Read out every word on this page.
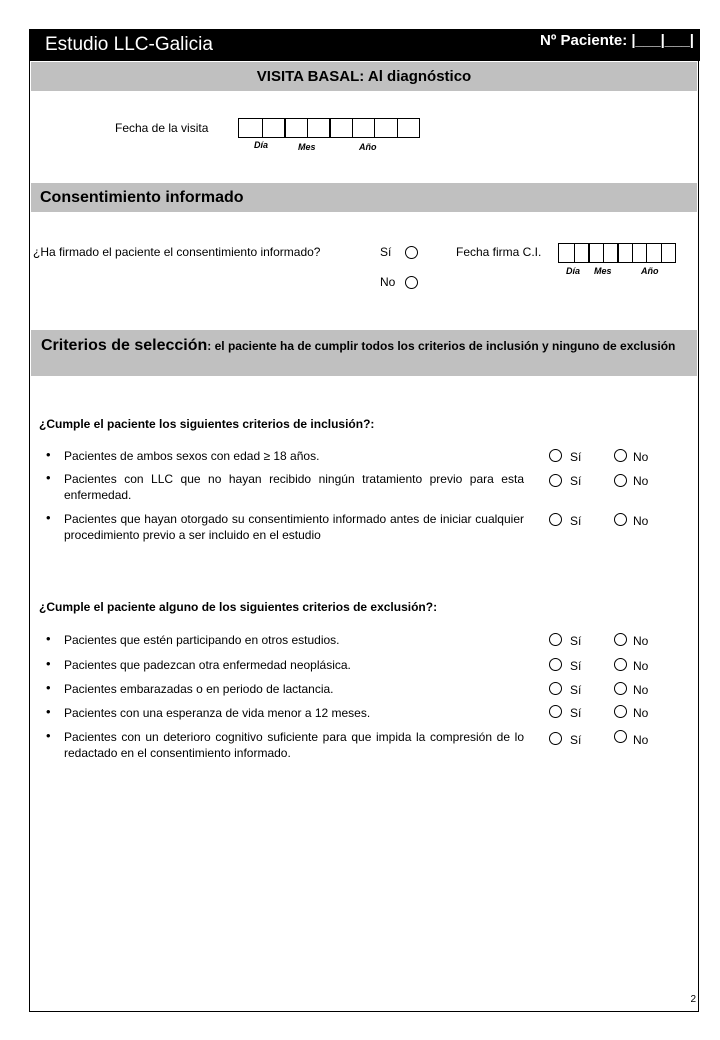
Estudio LLC-Galicia	Nº Paciente: |___|___|
VISITA BASAL: Al diagnóstico
Fecha de la visita
Día	Mes	Año
Consentimiento informado
¿Ha firmado el paciente el consentimiento informado?	Sí
No
Fecha firma C.I.
Día Mes	Año
Criterios de selección: el paciente ha de cumplir todos los criterios de inclusión y ninguno de exclusión
¿Cumple el paciente los siguientes criterios de inclusión?:
• Pacientes de ambos sexos con edad ≥ 18 años.	Sí	No
• Pacientes con LLC que no hayan recibido ningún tratamiento previo para esta enfermedad.
Sí	No
• Pacientes que hayan otorgado su consentimiento informado antes de iniciar cualquier procedimiento previo a ser incluido en el estudio
Sí	No
¿Cumple el paciente alguno de los siguientes criterios de exclusión?:
• Pacientes que estén participando en otros estudios.	Sí	No
• Pacientes que padezcan otra enfermedad neoplásica.	Sí	No
• Pacientes embarazadas o en periodo de lactancia.	Sí	No
• Pacientes con una esperanza de vida menor a 12 meses.	Sí	No
• Pacientes con un deterioro cognitivo suficiente para que impida la compresión de lo redactado en el consentimiento informado.
Sí	No
2
